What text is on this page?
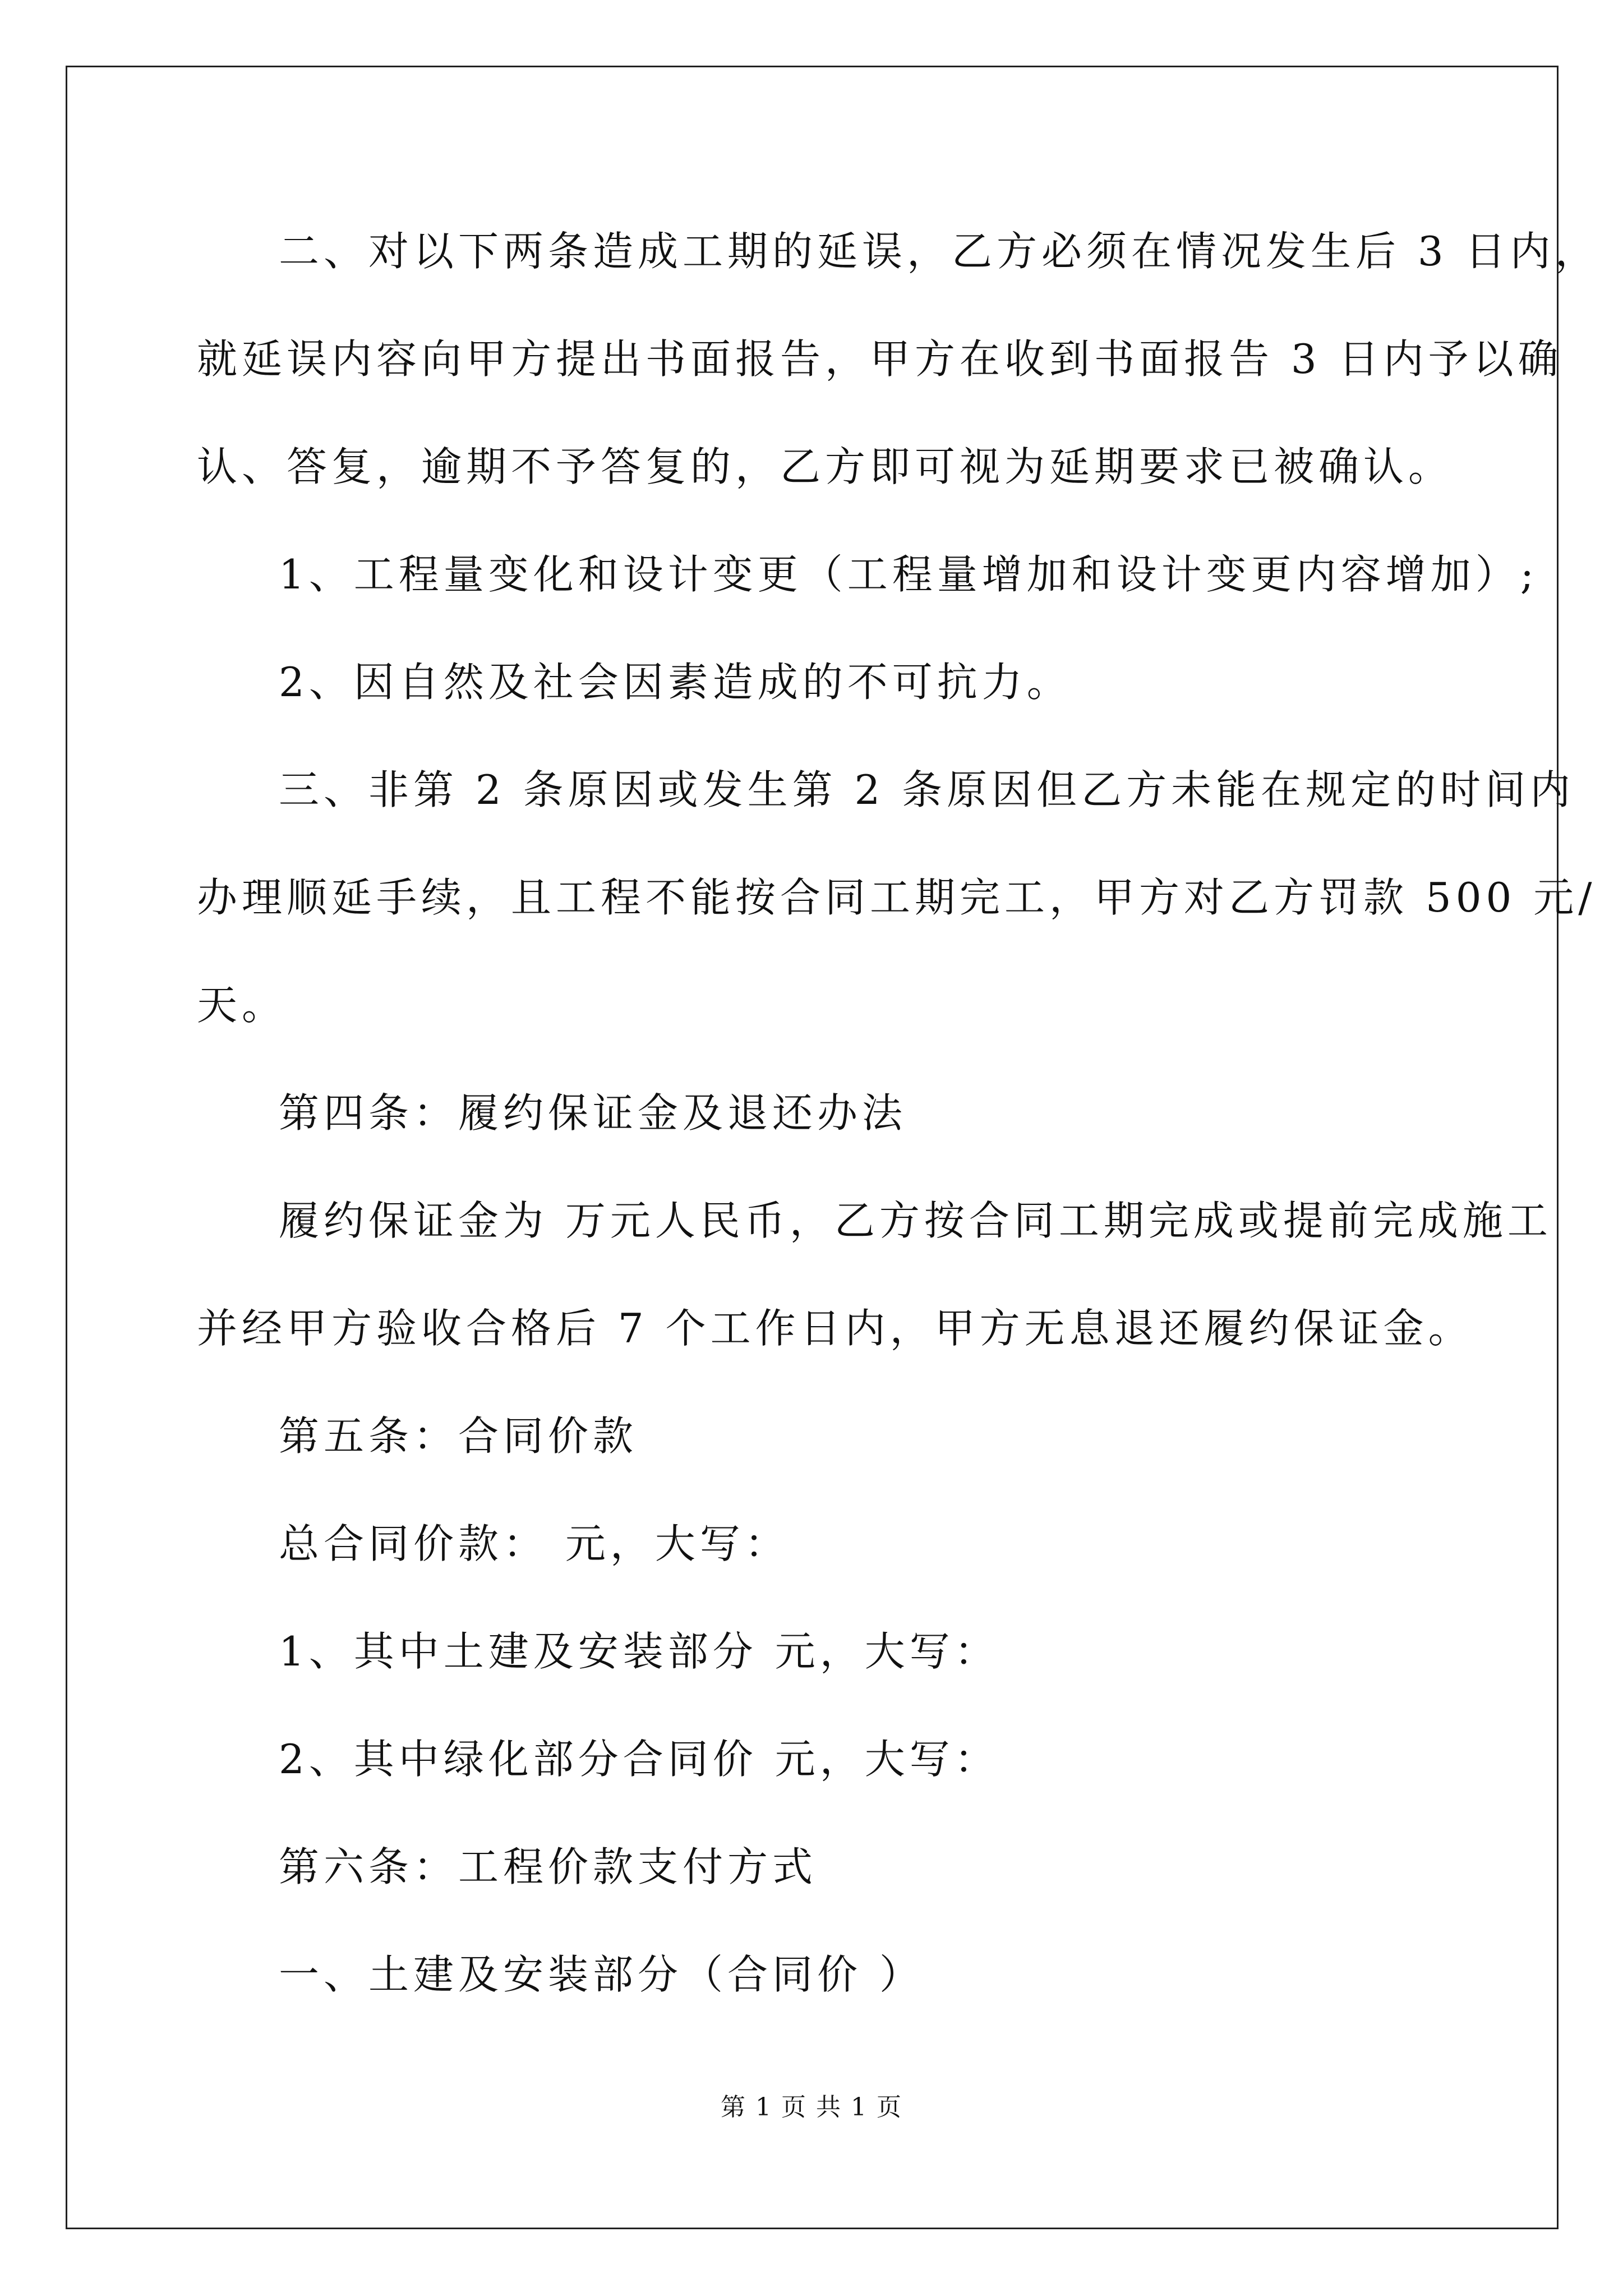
二、对以下两条造成工期的延误，乙方必须在情况发生后 3 日内，
就延误内容向甲方提出书面报告，甲方在收到书面报告 3 日内予以确
认、答复，逾期不予答复的，乙方即可视为延期要求已被确认。
1、工程量变化和设计变更（工程量增加和设计变更内容增加）;
2、因自然及社会因素造成的不可抗力。
三、非第 2 条原因或发生第 2 条原因但乙方未能在规定的时间内
办理顺延手续，且工程不能按合同工期完工，甲方对乙方罚款 500 元/
天。
第四条：履约保证金及退还办法
履约保证金为 万元人民币，乙方按合同工期完成或提前完成施工
并经甲方验收合格后 7 个工作日内，甲方无息退还履约保证金。
第五条：合同价款
总合同价款： 元，大写：
1、其中土建及安装部分 元，大写：
2、其中绿化部分合同价 元，大写：
第六条：工程价款支付方式
一、土建及安装部分（合同价 ）
第 1 页 共 1 页
